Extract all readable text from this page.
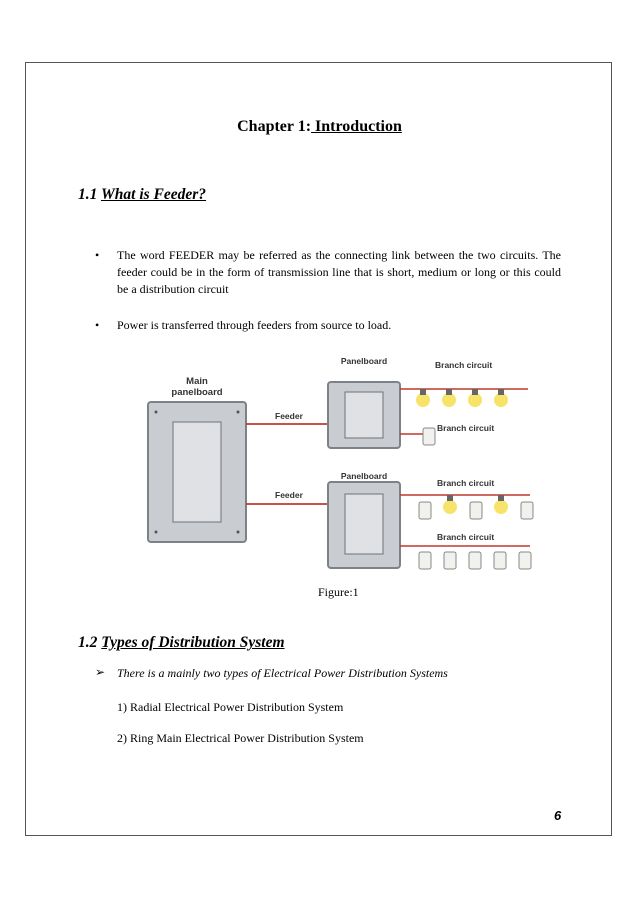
Chapter 1: Introduction
1.1 What is Feeder?
• The word FEEDER may be referred as the connecting link between the two circuits. The feeder could be in the form of transmission line that is short, medium or long or this could be a distribution circuit
• Power is transferred through feeders from source to load.
Main
panelboard
Feeder
Feeder
Panelboard
Panelboard
Branch circuit
Branch circuit
Branch circuit
Branch circuit
Figure:1
1.2 Types of Distribution System
➢ There is a mainly two types of Electrical Power Distribution Systems
1) Radial Electrical Power Distribution System
2) Ring Main Electrical Power Distribution System
6
